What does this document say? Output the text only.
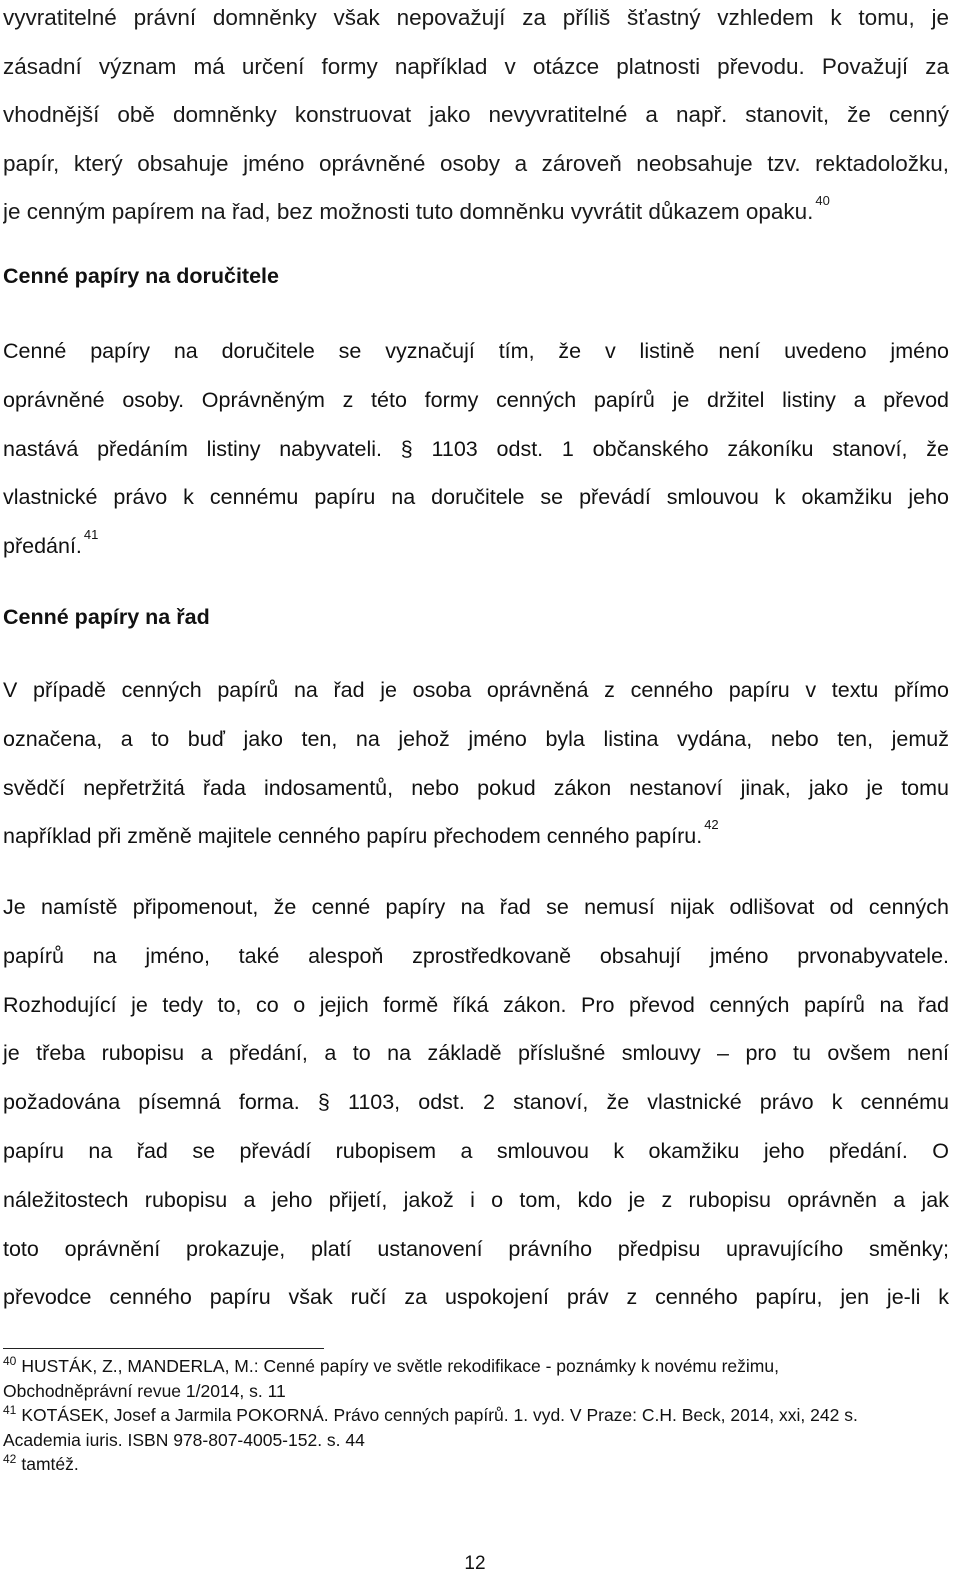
vyvratitelné právní domněnky však nepovažují za příliš šťastný vzhledem k tomu, je
zásadní význam má určení formy například v otázce platnosti převodu. Považují za
vhodnější obě domněnky konstruovat jako nevyvratitelné a např. stanovit, že cenný
papír, který obsahuje jméno oprávněné osoby a zároveň neobsahuje tzv. rektadoložku,
je cenným papírem na řad, bez možnosti tuto domněnku vyvrátit důkazem opaku. $^{40}$
Cenné papíry na doručitele
Cenné papíry na doručitele se vyznačují tím, že v listině není uvedeno jméno
oprávněné osoby. Oprávněným z této formy cenných papírů je držitel listiny a převod
nastává předáním listiny nabyvateli. § 1103 odst. 1 občanského zákoníku stanoví, že
vlastnické právo k cennému papíru na doručitele se převádí smlouvou k okamžiku jeho
předání. $^{41}$
Cenné papíry na řad
V případě cenných papírů na řad je osoba oprávněná z cenného papíru v textu přímo
označena, a to buď jako ten, na jehož jméno byla listina vydána, nebo ten, jemuž
svědčí nepřetržitá řada indosamentů, nebo pokud zákon nestanoví jinak, jako je tomu
například při změně majitele cenného papíru přechodem cenného papíru. $^{42}$
Je namístě připomenout, že cenné papíry na řad se nemusí nijak odlišovat od cenných
papírů na jméno, také alespoň zprostředkovaně obsahují jméno prvonabyvatele.
Rozhodující je tedy to, co o jejich formě říká zákon. Pro převod cenných papírů na řad
je třeba rubopisu a předání, a to na základě příslušné smlouvy – pro tu ovšem není
požadována písemná forma. § 1103, odst. 2 stanoví, že vlastnické právo k cennému
papíru na řad se převádí rubopisem a smlouvou k okamžiku jeho předání. O
náležitostech rubopisu a jeho přijetí, jakož i o tom, kdo je z rubopisu oprávněn a jak
toto oprávnění prokazuje, platí ustanovení právního předpisu upravujícího směnky;
převodce cenného papíru však ručí za uspokojení práv z cenného papíru, jen je-li k
$^{40}$ HUSTÁK, Z., MANDERLA, M.: Cenné papíry ve světle rekodifikace - poznámky k novému režimu,
Obchodněprávní revue 1/2014, s. 11
$^{41}$ KOTÁSEK, Josef a Jarmila POKORNÁ. Právo cenných papírů. 1. vyd. V Praze: C.H. Beck, 2014, xxi, 242 s.
Academia iuris. ISBN 978-807-4005-152. s. 44
$^{42}$ tamtéž.
12
